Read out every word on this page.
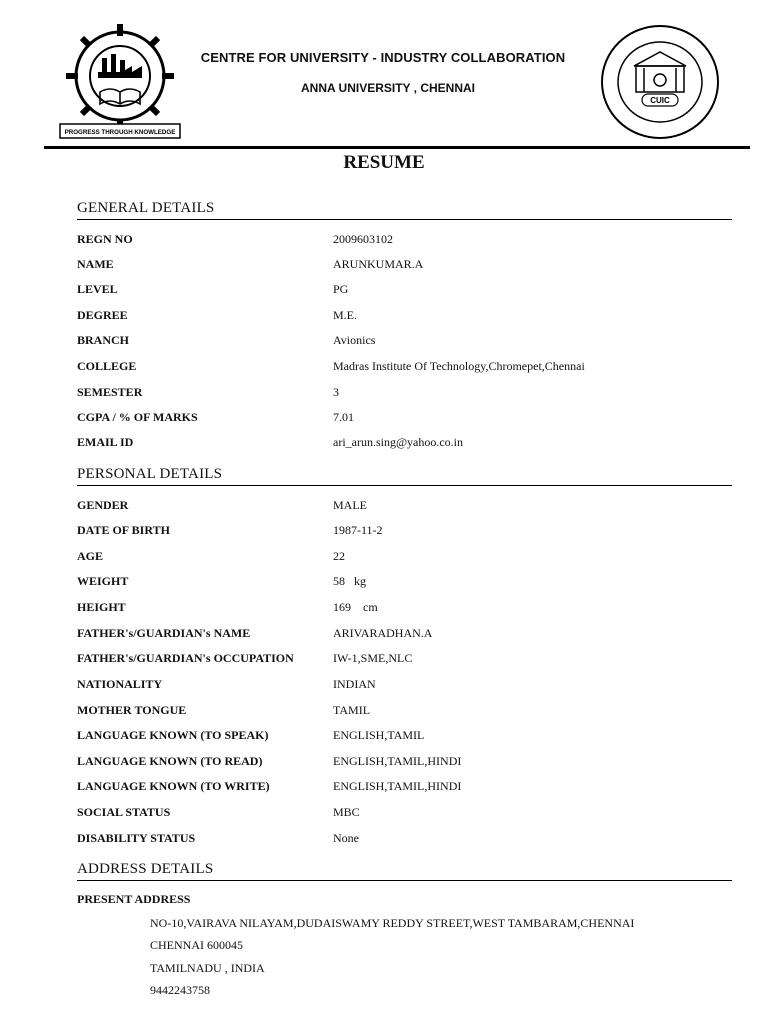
PROGRESS THROUGH KNOWLEDGE
CENTRE FOR UNIVERSITY - INDUSTRY COLLABORATION
ANNA UNIVERSITY , CHENNAI
CUIC
RESUME
GENERAL DETAILS
REGN NO	2009603102
NAME	ARUNKUMAR.A
LEVEL	PG
DEGREE	M.E.
BRANCH	Avionics
COLLEGE	Madras Institute Of Technology,Chromepet,Chennai
SEMESTER	3
CGPA / % OF MARKS	7.01
EMAIL ID	ari_arun.sing@yahoo.co.in
PERSONAL DETAILS
GENDER	MALE
DATE OF BIRTH	1987-11-2
AGE	22
WEIGHT	58   kg
HEIGHT	169    cm
FATHER's/GUARDIAN's NAME	ARIVARADHAN.A
FATHER's/GUARDIAN's OCCUPATION	IW-1,SME,NLC
NATIONALITY	INDIAN
MOTHER TONGUE	TAMIL
LANGUAGE KNOWN (TO SPEAK)	ENGLISH,TAMIL
LANGUAGE KNOWN (TO READ)	ENGLISH,TAMIL,HINDI
LANGUAGE KNOWN (TO WRITE)	ENGLISH,TAMIL,HINDI
SOCIAL STATUS	MBC
DISABILITY STATUS	None
ADDRESS DETAILS
PRESENT ADDRESS
NO-10,VAIRAVA NILAYAM,DUDAISWAMY REDDY STREET,WEST TAMBARAM,CHENNAI
CHENNAI 600045
TAMILNADU , INDIA
9442243758
